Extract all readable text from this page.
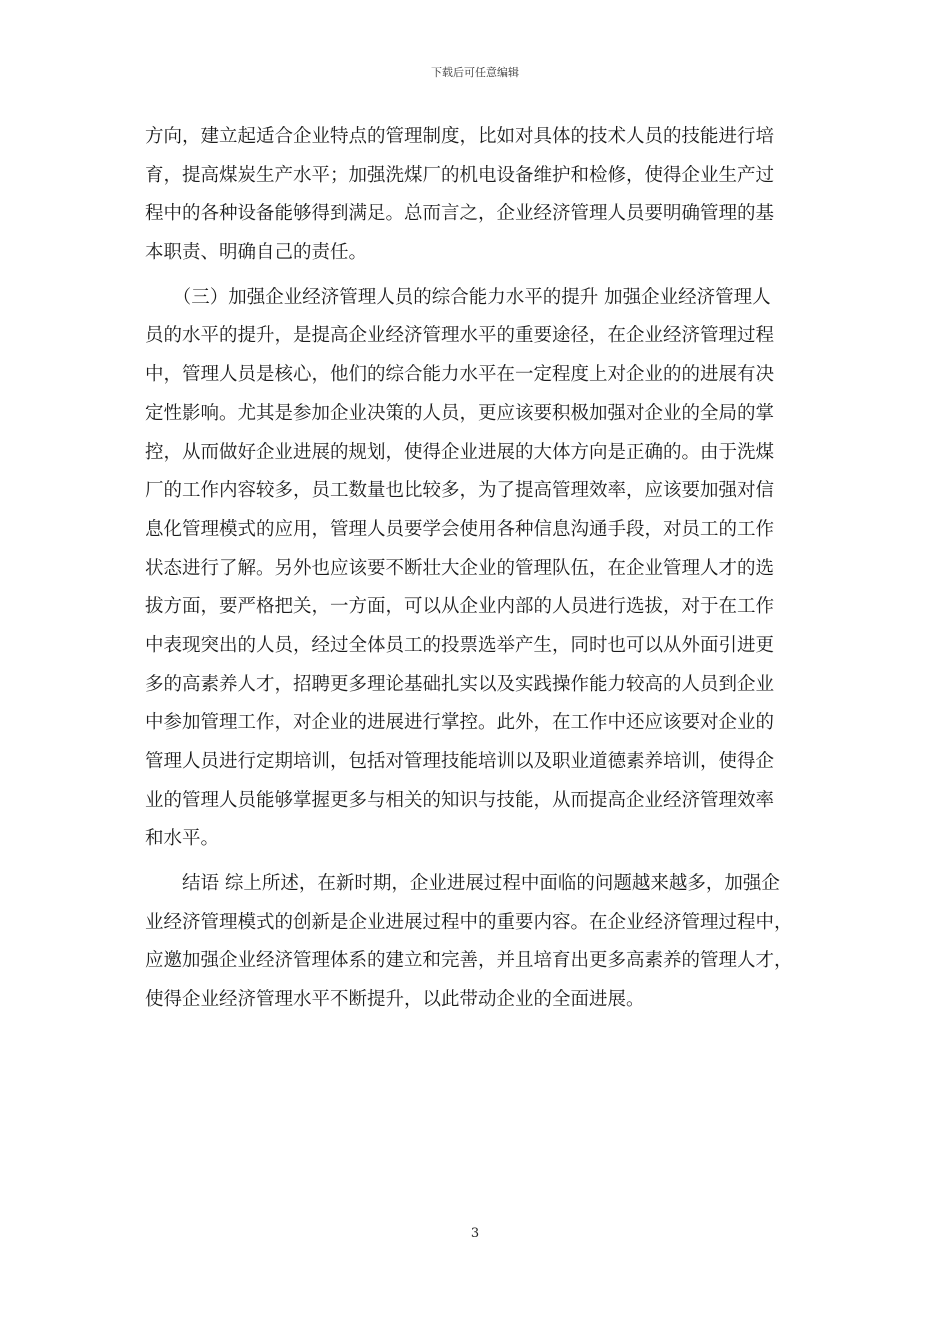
下载后可任意编辑
方向，建立起适合企业特点的管理制度，比如对具体的技术人员的技能进行培
育，提高煤炭生产水平；加强洗煤厂的机电设备维护和检修，使得企业生产过
程中的各种设备能够得到满足。总而言之，企业经济管理人员要明确管理的基
本职责、明确自己的责任。
　　（三）加强企业经济管理人员的综合能力水平的提升 加强企业经济管理人
员的水平的提升，是提高企业经济管理水平的重要途径，在企业经济管理过程
中，管理人员是核心，他们的综合能力水平在一定程度上对企业的的进展有决
定性影响。尤其是参加企业决策的人员，更应该要积极加强对企业的全局的掌
控，从而做好企业进展的规划，使得企业进展的大体方向是正确的。由于洗煤
厂的工作内容较多，员工数量也比较多，为了提高管理效率，应该要加强对信
息化管理模式的应用，管理人员要学会使用各种信息沟通手段，对员工的工作
状态进行了解。另外也应该要不断壮大企业的管理队伍，在企业管理人才的选
拔方面，要严格把关，一方面，可以从企业内部的人员进行选拔，对于在工作
中表现突出的人员，经过全体员工的投票选举产生，同时也可以从外面引进更
多的高素养人才，招聘更多理论基础扎实以及实践操作能力较高的人员到企业
中参加管理工作，对企业的进展进行掌控。此外，在工作中还应该要对企业的
管理人员进行定期培训，包括对管理技能培训以及职业道德素养培训，使得企
业的管理人员能够掌握更多与相关的知识与技能，从而提高企业经济管理效率
和水平。
　　结语 综上所述，在新时期，企业进展过程中面临的问题越来越多，加强企
业经济管理模式的创新是企业进展过程中的重要内容。在企业经济管理过程中，
应邀加强企业经济管理体系的建立和完善，并且培育出更多高素养的管理人才，
使得企业经济管理水平不断提升，以此带动企业的全面进展。
3
